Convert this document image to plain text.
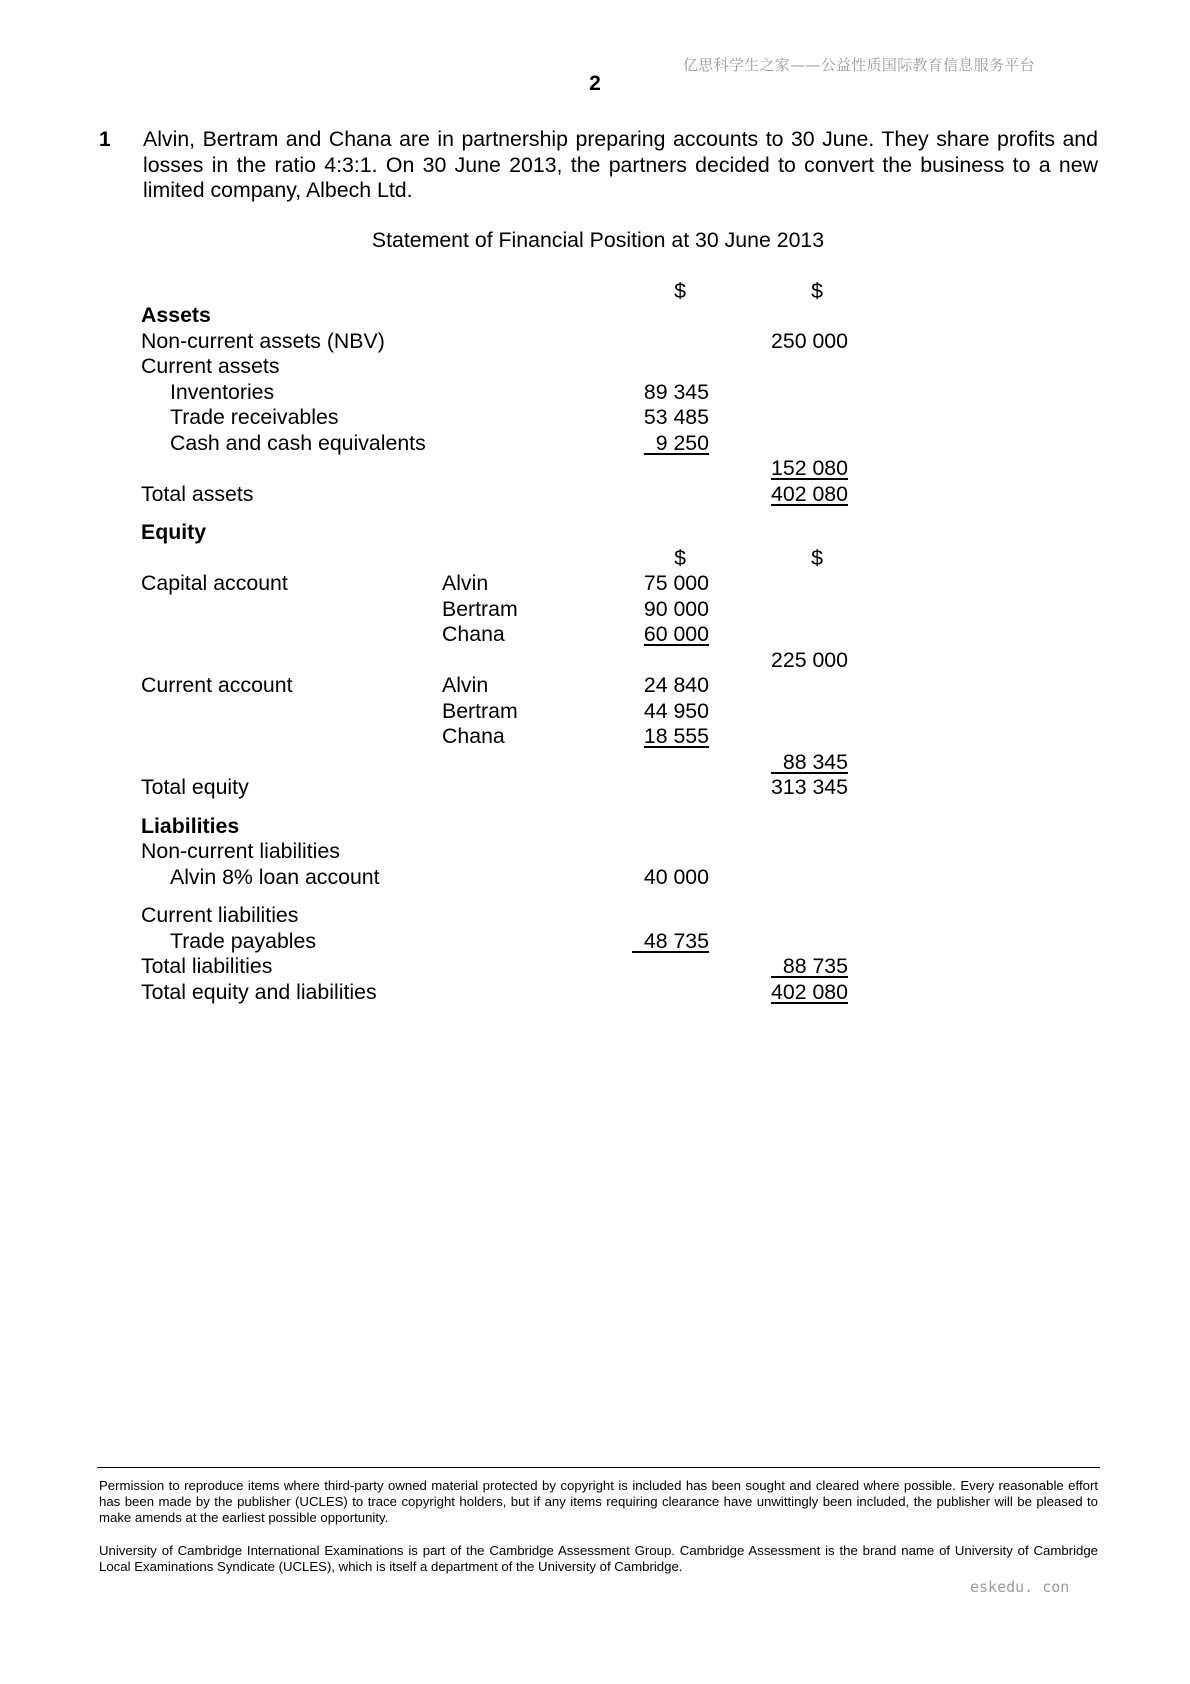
亿思科学生之家——公益性质国际教育信息服务平台
2
1 Alvin, Bertram and Chana are in partnership preparing accounts to 30 June. They share profits and losses in the ratio 4:3:1. On 30 June 2013, the partners decided to convert the business to a new limited company, Albech Ltd.
Statement of Financial Position at 30 June 2013
$	$
Assets
Non-current assets (NBV)	250 000
Current assets
Inventories	89 345
Trade receivables	53 485
Cash and cash equivalents	9 250
152 080
Total assets	402 080
Equity
$	$
Capital account	Alvin	75 000
Bertram	90 000
Chana	60 000
225 000
Current account	Alvin	24 840
Bertram	44 950
Chana	18 555
88 345
Total equity	313 345
Liabilities
Non-current liabilities
Alvin 8% loan account	40 000
Current liabilities
Trade payables	48 735
Total liabilities	88 735
Total equity and liabilities	402 080
Permission to reproduce items where third-party owned material protected by copyright is included has been sought and cleared where possible. Every reasonable effort has been made by the publisher (UCLES) to trace copyright holders, but if any items requiring clearance have unwittingly been included, the publisher will be pleased to make amends at the earliest possible opportunity.
University of Cambridge International Examinations is part of the Cambridge Assessment Group. Cambridge Assessment is the brand name of University of Cambridge Local Examinations Syndicate (UCLES), which is itself a department of the University of Cambridge.
eskedu. con
